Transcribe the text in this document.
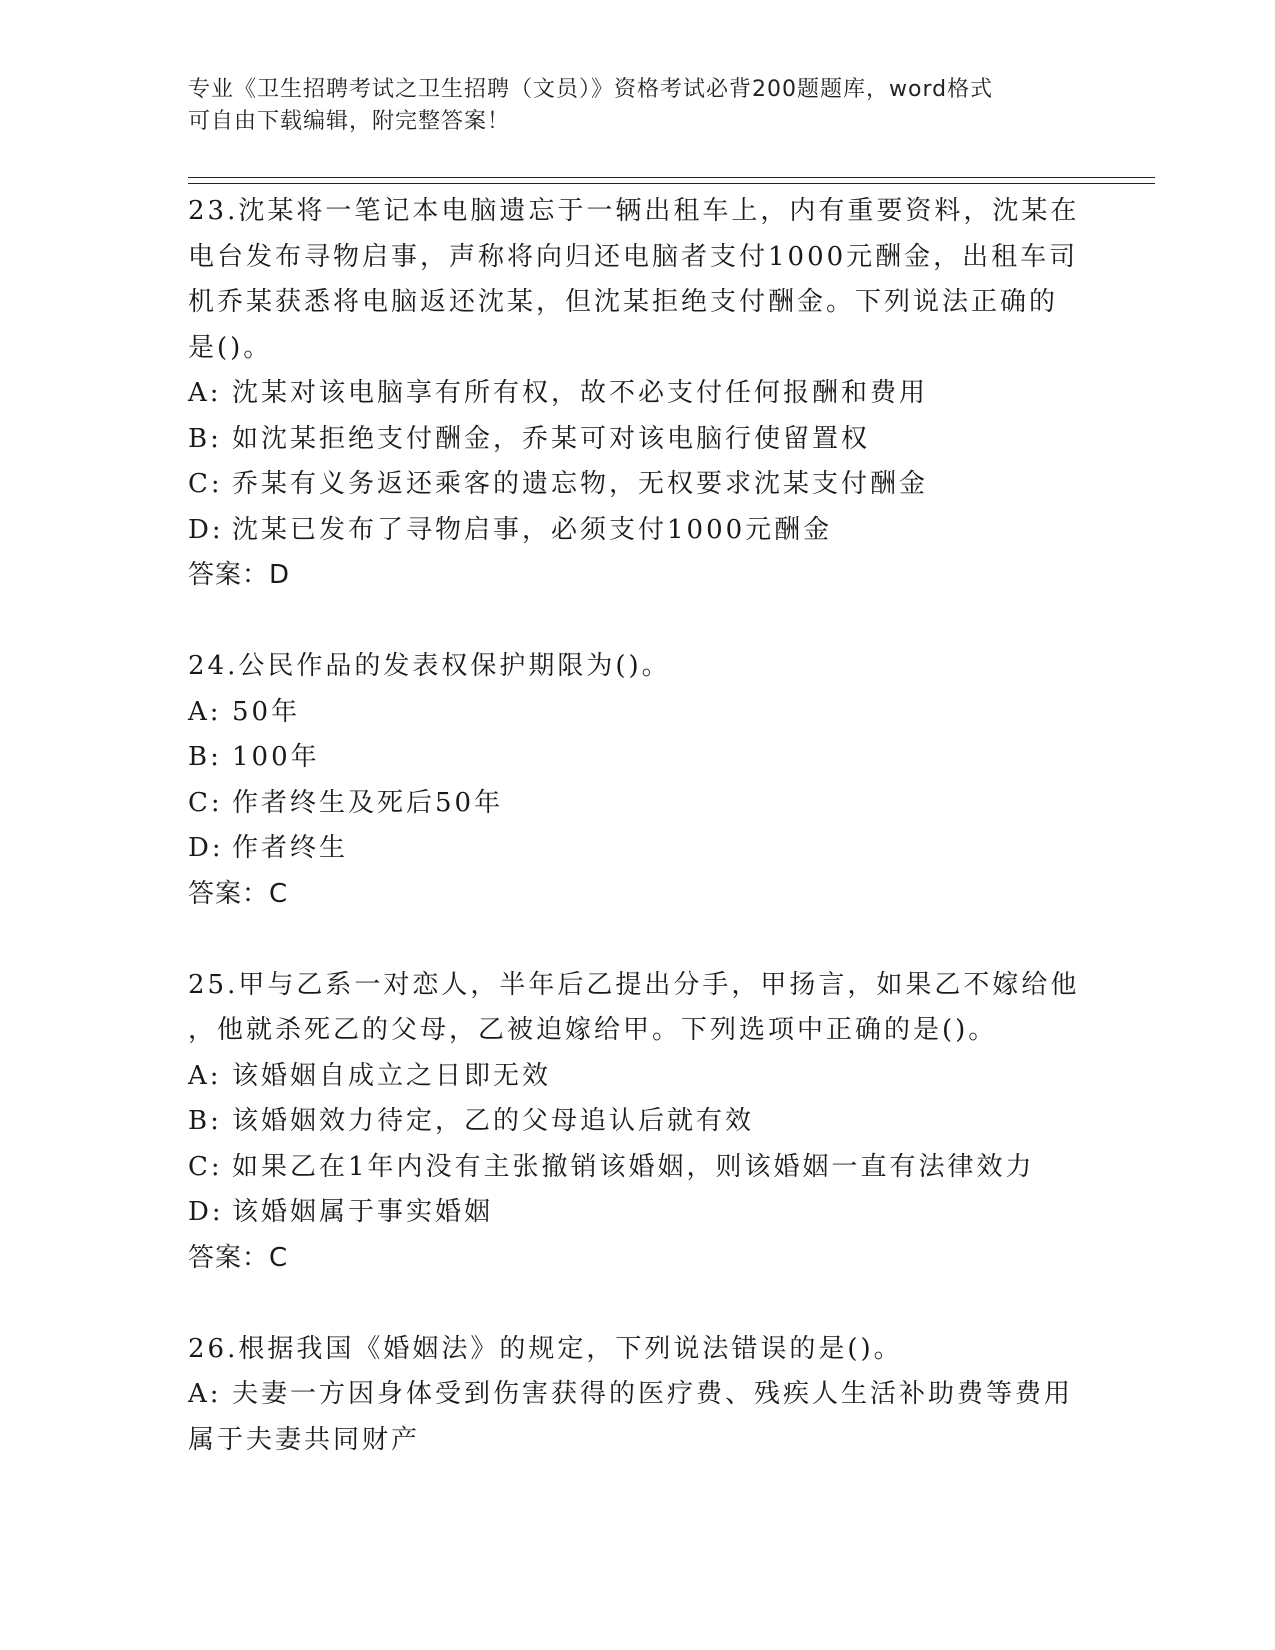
专业《卫生招聘考试之卫生招聘（文员）》资格考试必背200题题库，word格式
可自由下载编辑，附完整答案！
23.沈某将一笔记本电脑遗忘于一辆出租车上，内有重要资料，沈某在
电台发布寻物启事，声称将向归还电脑者支付1000元酬金，出租车司
机乔某获悉将电脑返还沈某，但沈某拒绝支付酬金。下列说法正确的
是()。
A: 沈某对该电脑享有所有权，故不必支付任何报酬和费用
B: 如沈某拒绝支付酬金，乔某可对该电脑行使留置权
C: 乔某有义务返还乘客的遗忘物，无权要求沈某支付酬金
D: 沈某已发布了寻物启事，必须支付1000元酬金
答案：D
24.公民作品的发表权保护期限为()。
A: 50年
B: 100年
C: 作者终生及死后50年
D: 作者终生
答案：C
25.甲与乙系一对恋人，半年后乙提出分手，甲扬言，如果乙不嫁给他
，他就杀死乙的父母，乙被迫嫁给甲。下列选项中正确的是()。
A: 该婚姻自成立之日即无效
B: 该婚姻效力待定，乙的父母追认后就有效
C: 如果乙在1年内没有主张撤销该婚姻，则该婚姻一直有法律效力
D: 该婚姻属于事实婚姻
答案：C
26.根据我国《婚姻法》的规定，下列说法错误的是()。
A: 夫妻一方因身体受到伤害获得的医疗费、残疾人生活补助费等费用
属于夫妻共同财产
